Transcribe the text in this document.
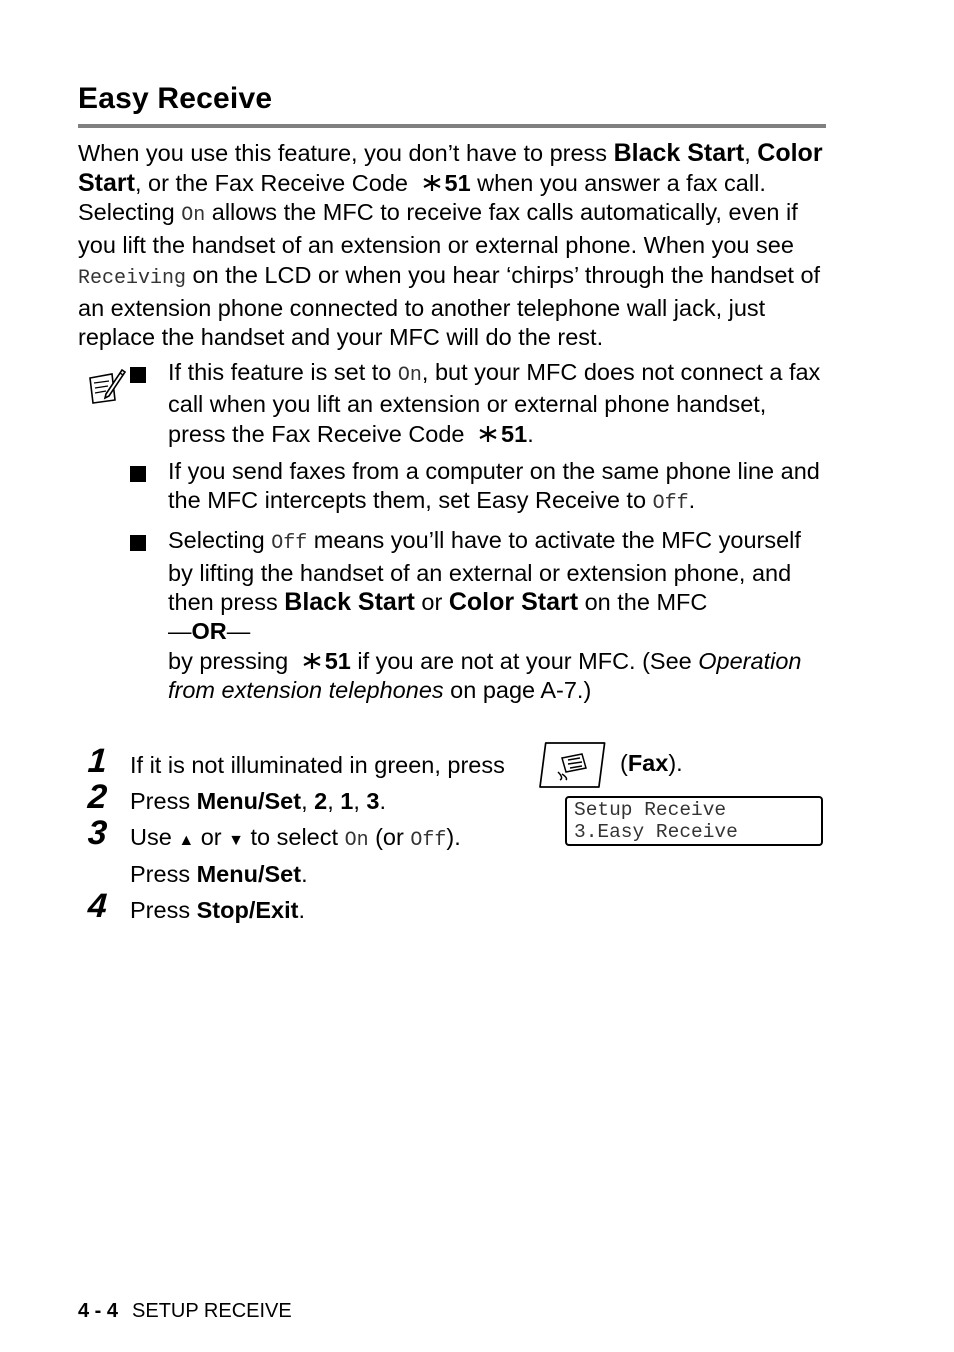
Easy Receive

When you use this feature, you don’t have to press Black Start, Color Start, or the Fax Receive Code 51 when you answer a fax call. Selecting On allows the MFC to receive fax calls automatically, even if you lift the handset of an extension or external phone. When you see Receiving on the LCD or when you hear ‘chirps’ through the handset of an extension phone connected to another telephone wall jack, just replace the handset and your MFC will do the rest.

If this feature is set to On, but your MFC does not connect a fax call when you lift an extension or external phone handset, press the Fax Receive Code 51.
If you send faxes from a computer on the same phone line and the MFC intercepts them, set Easy Receive to Off.
Selecting Off means you’ll have to activate the MFC yourself by lifting the handset of an external or extension phone, and then press Black Start or Color Start on the MFC
—OR—
by pressing 51 if you are not at your MFC. (See Operation from extension telephones on page A-7.)
1 If it is not illuminated in green, press	(Fax).
2 Press Menu/Set, 2, 1, 3.
3 Use ▲ or ▼ to select On (or Off).
Press Menu/Set.
4 Press Stop/Exit.
Setup Receive
3.Easy Receive
4 - 4 SETUP RECEIVE
